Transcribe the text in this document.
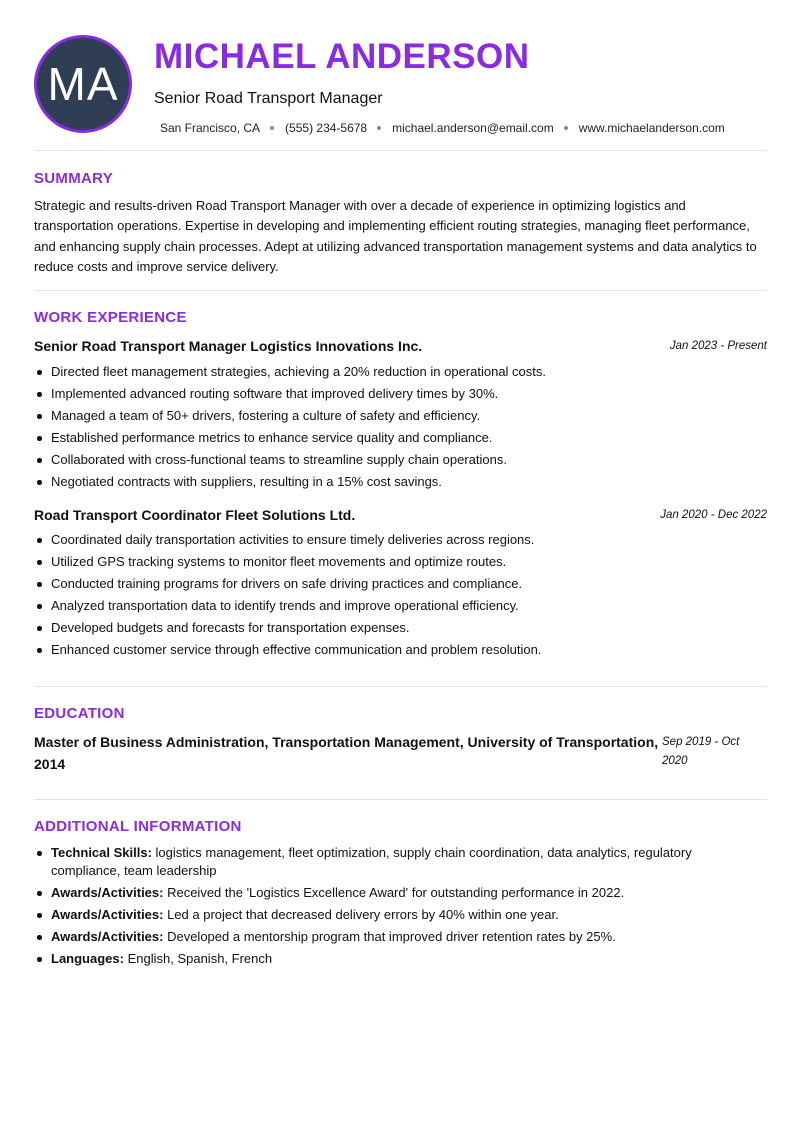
MA
MICHAEL ANDERSON
Senior Road Transport Manager
San Francisco, CA (555) 234-5678 michael.anderson@email.com www.michaelanderson.com
SUMMARY

Strategic and results-driven Road Transport Manager with over a decade of experience in optimizing logistics and transportation operations. Expertise in developing and implementing efficient routing strategies, managing fleet performance, and enhancing supply chain processes. Adept at utilizing advanced transportation management systems and data analytics to reduce costs and improve service delivery.

WORK EXPERIENCE
Senior Road Transport Manager Logistics Innovations Inc.	Jan 2023 - Present
Directed fleet management strategies, achieving a 20% reduction in operational costs.
Implemented advanced routing software that improved delivery times by 30%.
Managed a team of 50+ drivers, fostering a culture of safety and efficiency.
Established performance metrics to enhance service quality and compliance.
Collaborated with cross-functional teams to streamline supply chain operations.
Negotiated contracts with suppliers, resulting in a 15% cost savings.
Road Transport Coordinator Fleet Solutions Ltd.	Jan 2020 - Dec 2022
Coordinated daily transportation activities to ensure timely deliveries across regions.
Utilized GPS tracking systems to monitor fleet movements and optimize routes.
Conducted training programs for drivers on safe driving practices and compliance.
Analyzed transportation data to identify trends and improve operational efficiency.
Developed budgets and forecasts for transportation expenses.
Enhanced customer service through effective communication and problem resolution.
EDUCATION
Master of Business Administration, Transportation Management, University of Transportation, 2014
Sep 2019 - Oct 2020
ADDITIONAL INFORMATION
Technical Skills: logistics management, fleet optimization, supply chain coordination, data analytics, regulatory compliance, team leadership
Awards/Activities: Received the 'Logistics Excellence Award' for outstanding performance in 2022.
Awards/Activities: Led a project that decreased delivery errors by 40% within one year.
Awards/Activities: Developed a mentorship program that improved driver retention rates by 25%.
Languages: English, Spanish, French
